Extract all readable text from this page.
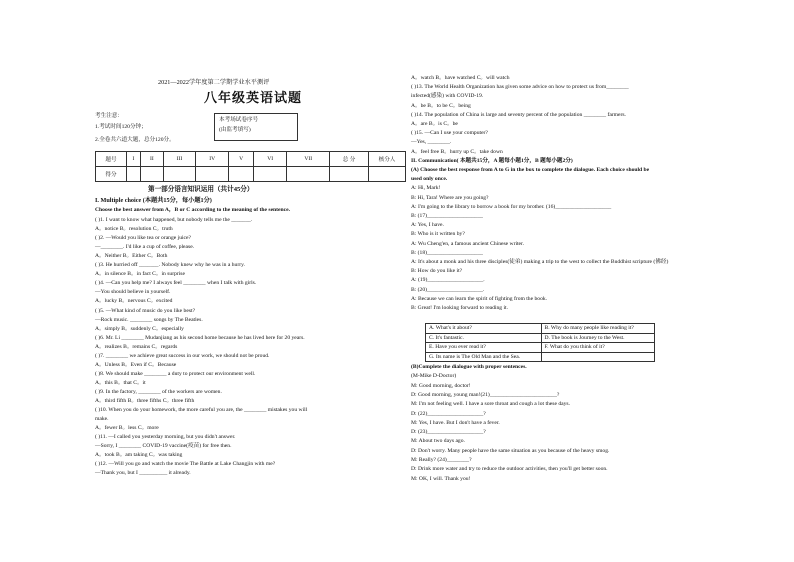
2021—2022学年度第二学期学业水平测评
八年级英语试题
考生注意：
1.考试时间120分钟；
2.全卷共六道大题，总分120分。
本考场试卷序号
(由监考填写)
题号	I	II	III	IV	V	VI	VII	总 分	核分人
得分									
第一部分语言知识运用（共计45分）
I. Multiple choice (本题共15分，每小题1分)
Choose the best answer from A，B or C according to the meaning of the sentence.
( )1. I want to know what happened, but nobody tells me the _______.
A。notice B。resolution C。truth
( )2. —Would you like tea or orange juice?
—________. I'd like a cup of coffee, please.
A。Neither B。Either C。Both
( )3. He hurried off _______. Nobody knew why he was in a hurry.
A。in silence B。in fact C。in surprise
( )4. —Can you help me? I always feel ________ when I talk with girls.
—You should believe in yourself.
A。lucky B。nervous C。excited
( )5. —What kind of music do you like best?
—Rock music. ________ songs by The Beatles.
A。simply B。suddenly C。especially
( )6. Mr. Li ________ Mudanjiang as his second home because he has lived here for 20 years.
A。realizes B。remains C。regards
( )7. ________ we achieve great success in our work, we should not be proud.
A。Unless B。Even if C。Because
( )8. We should make ________ a duty to protect our environment well.
A。this B。that C。it
( )9. In the factory, ________ of the workers are women.
A。third fifth B。three fifths C。three fifth
( )10. When you do your homework, the more careful you are, the ________ mistakes you will
make.
A。fewer B。less C。more
( )11. —I called you yesterday morning, but you didn't answer.
—Sorry, I ________ COVID-19 vaccine(疫苗) for free then.
A。took B。am taking C。was taking
( )12. —Will you go and watch the movie The Battle at Lake Changjin with me?
—Thank you, but I __________ it already.
A。watch B。have watched C。will watch
( )13. The World Health Organization has given some advice on how to protect us from________
infected(感染) with COVID-19.
A。be B。to be C。being
( )14. The population of China is large and seventy percent of the population ________ farmers.
A。are B。is C。be
( )15. —Can I use your computer?
—Yes, ________.
A。feel free B。hurry up C。take down
II. Communication( 本题共15分，A 题每小题1分，B 题每小题2分)
(A) Choose the best response from A to G in the box to complete the dialogue. Each choice should be
used only once.
A: Hi, Mark!
B: Hi, Tara! Where are you going?
A: I'm going to the library to borrow a book for my brother. (16)____________________
B: (17)____________________
A: Yes, I have.
B: Who is it written by?
A: Wu Cheng'en, a famous ancient Chinese writer.
B: (18)____________________
A: It's about a monk and his three disciples(徒弟) making a trip to the west to collect the Buddhist scripture (佛经)
B: How do you like it?
A: (19)____________________.
B: (20)____________________.
A: Because we can learn the spirit of fighting from the book.
B: Great! I'm looking forward to reading it.
A. What's it about?	B. Why do many people like reading it?
C. It's fantastic.	D. The book is Journey to the West.
E. Have you ever read it?	F. What do you think of it?
G. Its name is The Old Man and the Sea.	
(B)Complete the dialogue with proper sentences.
(M-Mike D-Doctor)
M: Good morning, doctor!
D: Good morning, young man!(21)________________________?
M: I'm not feeling well. I have a sore throat and cough a lot these days.
D: (22)____________________?
M: Yes, I have. But I don't have a fever.
D: (23)____________________?
M: About two days ago.
D: Don't worry. Many people have the same situation as you because of the heavy smog.
M: Really? (24)________?
D: Drink more water and try to reduce the outdoor activities, then you'll get better soon.
M: OK, I will. Thank you!
